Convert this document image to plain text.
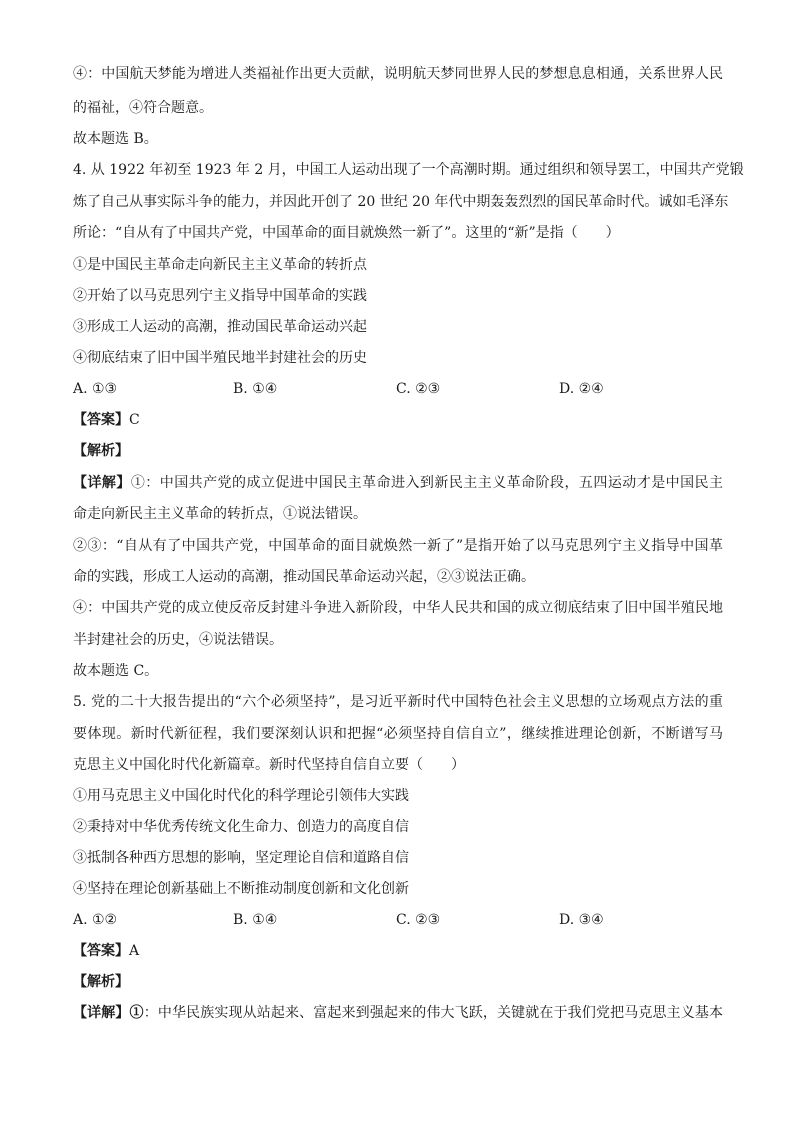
④：中国航天梦能为增进人类福祉作出更大贡献，说明航天梦同世界人民的梦想息息相通，关系世界人民
的福祉，④符合题意。
故本题选 B。
4. 从 1922 年初至 1923 年 2 月，中国工人运动出现了一个高潮时期。通过组织和领导罢工，中国共产党锻
炼了自己从事实际斗争的能力，并因此开创了 20 世纪 20 年代中期轰轰烈烈的国民革命时代。诚如毛泽东
所论：“自从有了中国共产党，中国革命的面目就焕然一新了”。这里的“新”是指（　　）
①是中国民主革命走向新民主主义革命的转折点
②开始了以马克思列宁主义指导中国革命的实践
③形成工人运动的高潮，推动国民革命运动兴起
④彻底结束了旧中国半殖民地半封建社会的历史
A. ①③	B. ①④	C. ②③	D. ②④
【答案】C
【解析】
【详解】①：中国共产党的成立促进中国民主革命进入到新民主主义革命阶段，五四运动才是中国民主
命走向新民主主义革命的转折点，①说法错误。
②③：“自从有了中国共产党，中国革命的面目就焕然一新了”是指开始了以马克思列宁主义指导中国革
命的实践，形成工人运动的高潮，推动国民革命运动兴起，②③说法正确。
④：中国共产党的成立使反帝反封建斗争进入新阶段，中华人民共和国的成立彻底结束了旧中国半殖民地
半封建社会的历史，④说法错误。
故本题选 C。
5. 党的二十大报告提出的“六个必须坚持”，是习近平新时代中国特色社会主义思想的立场观点方法的重
要体现。新时代新征程，我们要深刻认识和把握“必须坚持自信自立”，继续推进理论创新，不断谱写马
克思主义中国化时代化新篇章。新时代坚持自信自立要（　　）
①用马克思主义中国化时代化的科学理论引领伟大实践
②秉持对中华优秀传统文化生命力、创造力的高度自信
③抵制各种西方思想的影响，坚定理论自信和道路自信
④坚持在理论创新基础上不断推动制度创新和文化创新
A. ①②	B. ①④	C. ②③	D. ③④
【答案】A
【解析】
【详解】①：中华民族实现从站起来、富起来到强起来的伟大飞跃，关键就在于我们党把马克思主义基本
